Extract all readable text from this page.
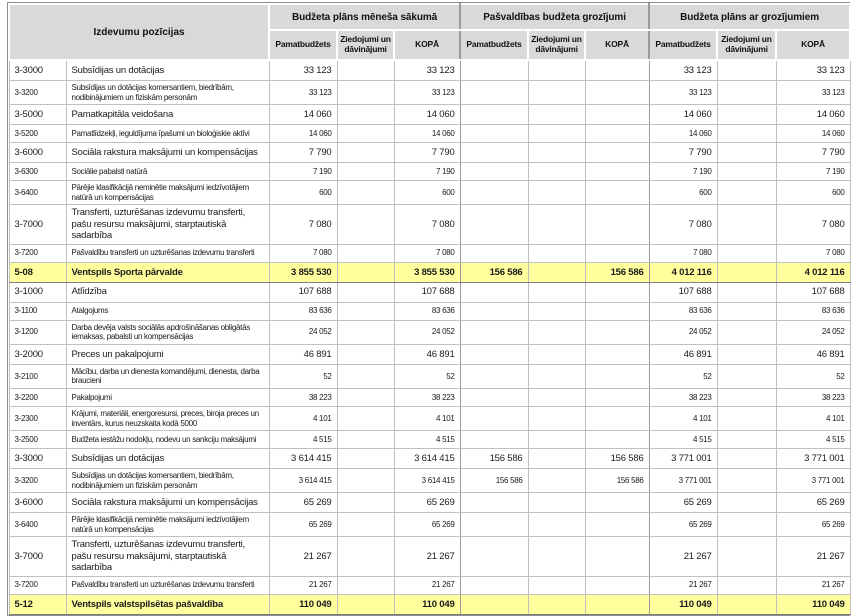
Izdevumu pozīcijas		Budžeta plāns mēneša sākumā			Pašvaldības budžeta grozījumi			Budžeta plāns ar grozījumiem		
		Pamatbudžets	Ziedojumi un dāvinājumi	KOPĀ	Pamatbudžets	Ziedojumi un dāvinājumi	KOPĀ	Pamatbudžets	Ziedojumi un dāvinājumi	KOPĀ
3-3000	Subsīdijas un dotācijas	33 123		33 123				33 123		33 123
3-3200	Subsīdijas un dotācijas komersantiem, biedrībām, nodibinājumiem un fiziskām personām	33 123		33 123				33 123		33 123
3-5000	Pamatkapitāla veidošana	14 060		14 060				14 060		14 060
3-5200	Pamatlīdzekļi, ieguldījuma īpašumi un bioloģiskie aktīvi	14 060		14 060				14 060		14 060
3-6000	Sociāla rakstura maksājumi un kompensācijas	7 790		7 790				7 790		7 790
3-6300	Sociālie pabalsti natūrā	7 190		7 190				7 190		7 190
3-6400	Pārējie klasifikācijā neminētie maksājumi iedzīvotājiem natūrā un kompensācijas	600		600				600		600
3-7000	Transferti, uzturēšanas izdevumu transferti, pašu resursu maksājumi, starptautiskā sadarbība	7 080		7 080				7 080		7 080
3-7200	Pašvaldību transferti un uzturēšanas izdevumu transferti	7 080		7 080				7 080		7 080
5-08	Ventspils Sporta pārvalde	3 855 530		3 855 530	156 586		156 586	4 012 116		4 012 116
3-1000	Atlīdzība	107 688		107 688				107 688		107 688
3-1100	Atalgojums	83 636		83 636				83 636		83 636
3-1200	Darba devēja valsts sociālās apdrošināšanas obligātās iemaksas, pabalsti un kompensācijas	24 052		24 052				24 052		24 052
3-2000	Preces un pakalpojumi	46 891		46 891				46 891		46 891
3-2100	Mācību, darba un dienesta komandējumi, dienesta, darba braucieni	52		52				52		52
3-2200	Pakalpojumi	38 223		38 223				38 223		38 223
3-2300	Krājumi, materiāli, energoresursi, preces, biroja preces un inventārs, kurus neuzskaita kodā 5000	4 101		4 101				4 101		4 101
3-2500	Budžeta iestāžu nodokļu, nodevu un sankciju maksājumi	4 515		4 515				4 515		4 515
3-3000	Subsīdijas un dotācijas	3 614 415		3 614 415	156 586		156 586	3 771 001		3 771 001
3-3200	Subsīdijas un dotācijas komersantiem, biedrībām, nodibinājumiem un fiziskām personām	3 614 415		3 614 415	156 586		156 586	3 771 001		3 771 001
3-6000	Sociāla rakstura maksājumi un kompensācijas	65 269		65 269				65 269		65 269
3-6400	Pārējie klasifikācijā neminētie maksājumi iedzīvotājiem natūrā un kompensācijas	65 269		65 269				65 269		65 269
3-7000	Transferti, uzturēšanas izdevumu transferti, pašu resursu maksājumi, starptautiskā sadarbība	21 267		21 267				21 267		21 267
3-7200	Pašvaldību transferti un uzturēšanas izdevumu transferti	21 267		21 267				21 267		21 267
5-12	Ventspils valstspilsētas pašvaldība	110 049		110 049				110 049		110 049
